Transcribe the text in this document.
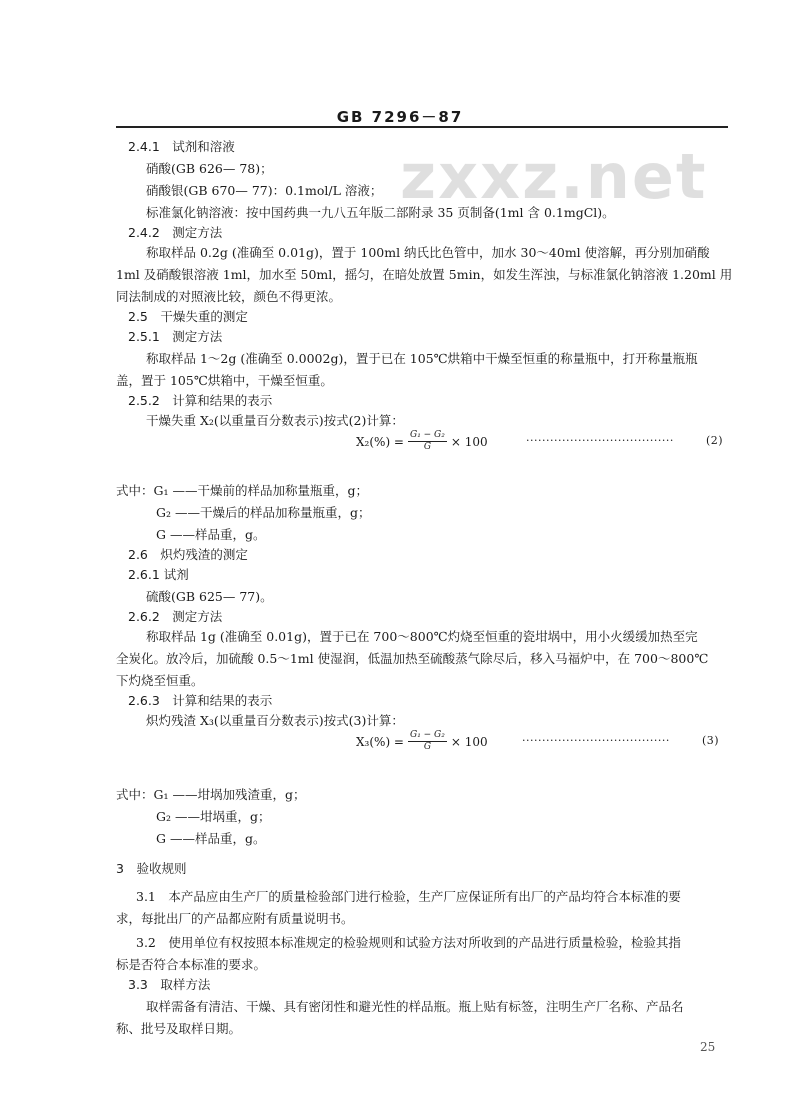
GB 7296－87
zxxz.net
2.4.1　试剂和溶液
硝酸(GB 626— 78)；
硝酸银(GB 670— 77)：0.1mol/L 溶液；
标准氯化钠溶液：按中国药典一九八五年版二部附录 35 页制备(1ml 含 0.1mgCl)。
2.4.2　测定方法
称取样品 0.2g (准确至 0.01g)，置于 100ml 纳氏比色管中，加水 30～40ml 使溶解，再分别加硝酸
1ml 及硝酸银溶液 1ml，加水至 50ml，摇匀，在暗处放置 5min，如发生浑浊，与标准氯化钠溶液 1.20ml 用
同法制成的对照液比较，颜色不得更浓。
2.5　干燥失重的测定
2.5.1　测定方法
称取样品 1～2g (准确至 0.0002g)，置于已在 105℃烘箱中干燥至恒重的称量瓶中，打开称量瓶瓶
盖，置于 105℃烘箱中，干燥至恒重。
2.5.2　计算和结果的表示
干燥失重 X₂(以重量百分数表示)按式(2)计算：
$X_2(\%) = \frac{\text{G₁ − G₂}}{G} \times 100$	·····································	(2)
式中：G₁ ——干燥前的样品加称量瓶重，g；
G₂ ——干燥后的样品加称量瓶重，g；
G ——样品重，g。
2.6　炽灼残渣的测定
2.6.1 试剂
硫酸(GB 625— 77)。
2.6.2　测定方法
称取样品 1g (准确至 0.01g)，置于已在 700～800℃灼烧至恒重的瓷坩埚中，用小火缓缓加热至完
全炭化。放冷后，加硫酸 0.5～1ml 使湿润，低温加热至硫酸蒸气除尽后，移入马福炉中，在 700～800℃
下灼烧至恒重。
2.6.3　计算和结果的表示
炽灼残渣 X₃(以重量百分数表示)按式(3)计算：
$X_3(\%) = \frac{\text{G₁ − G₂}}{G} \times 100$	·····································	(3)
式中：G₁ ——坩埚加残渣重，g；
G₂ ——坩埚重，g；
G ——样品重，g。
3　验收规则
3.1　本产品应由生产厂的质量检验部门进行检验，生产厂应保证所有出厂的产品均符合本标准的要
求，每批出厂的产品都应附有质量说明书。
3.2　使用单位有权按照本标准规定的检验规则和试验方法对所收到的产品进行质量检验，检验其指
标是否符合本标准的要求。
3.3　取样方法
取样需备有清洁、干燥、具有密闭性和避光性的样品瓶。瓶上贴有标签，注明生产厂名称、产品名
称、批号及取样日期。
25
